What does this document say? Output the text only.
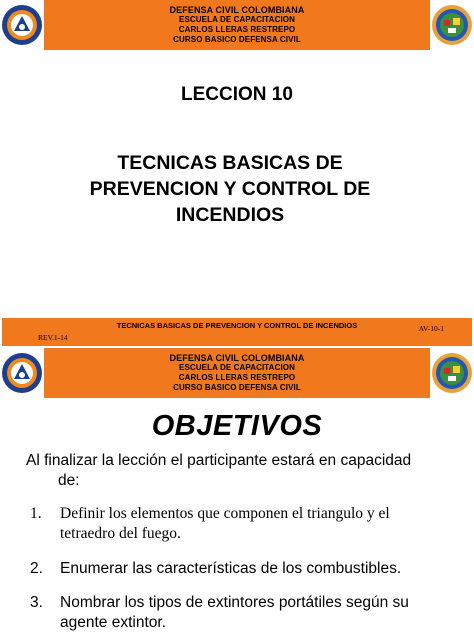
DEFENSA CIVIL COLOMBIANA
ESCUELA DE CAPACITACION
CARLOS LLERAS RESTREPO
CURSO BASICO DEFENSA CIVIL
LECCION 10
TECNICAS BASICAS DE
PREVENCION Y CONTROL DE
INCENDIOS
TECNICAS BASICAS DE PREVENCION Y CONTROL DE INCENDIOS
REV.1-14
AV-10-1
DEFENSA CIVIL COLOMBIANA
ESCUELA DE CAPACITACION
CARLOS LLERAS RESTREPO
CURSO BASICO DEFENSA CIVIL
OBJETIVOS
Al finalizar la lección el participante estará en capacidad
de:
1. Definir los elementos que componen el triangulo y el
tetraedro del fuego.
2. Enumerar las características de los combustibles.
3. Nombrar los tipos de extintores portátiles según su
agente extintor.
